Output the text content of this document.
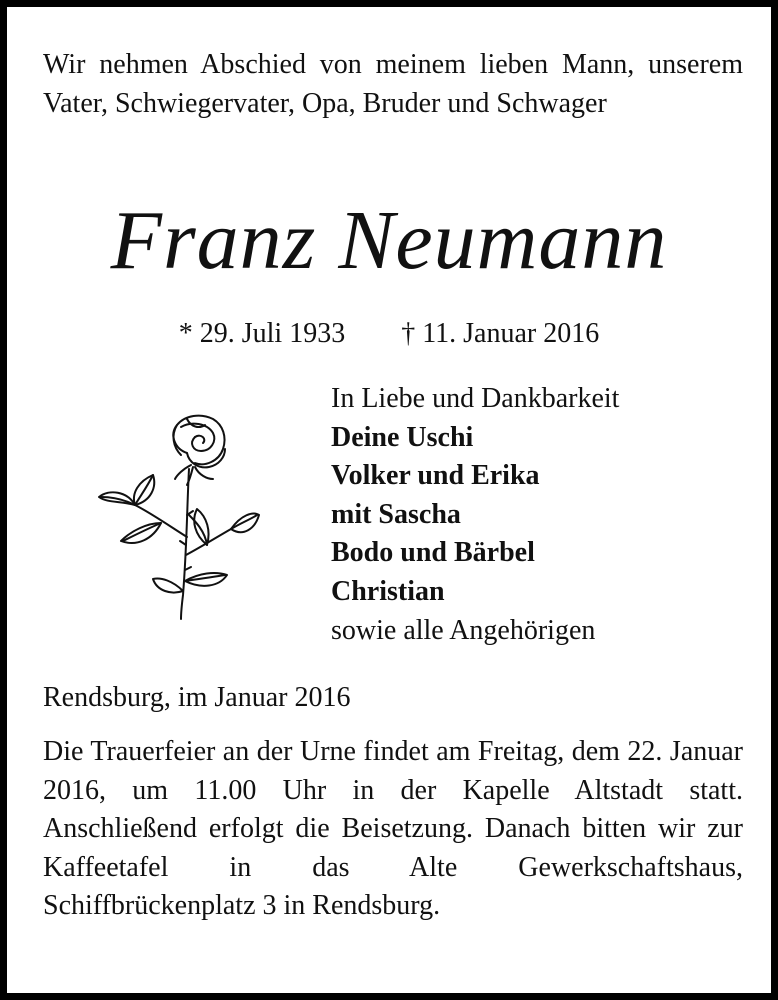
Wir nehmen Abschied von meinem lieben Mann, unserem Vater, Schwiegervater, Opa, Bruder und Schwager
Franz Neumann
* 29. Juli 1933 † 11. Januar 2016
In Liebe und Dankbarkeit
Deine Uschi
Volker und Erika
mit Sascha
Bodo und Bärbel
Christian
sowie alle Angehörigen
Rendsburg, im Januar 2016
Die Trauerfeier an der Urne findet am Freitag, dem 22. Januar 2016, um 11.00 Uhr in der Kapelle Altstadt statt. Anschließend erfolgt die Beisetzung. Danach bitten wir zur Kaffeetafel in das Alte Gewerkschaftshaus, Schiffbrückenplatz 3 in Rendsburg.
